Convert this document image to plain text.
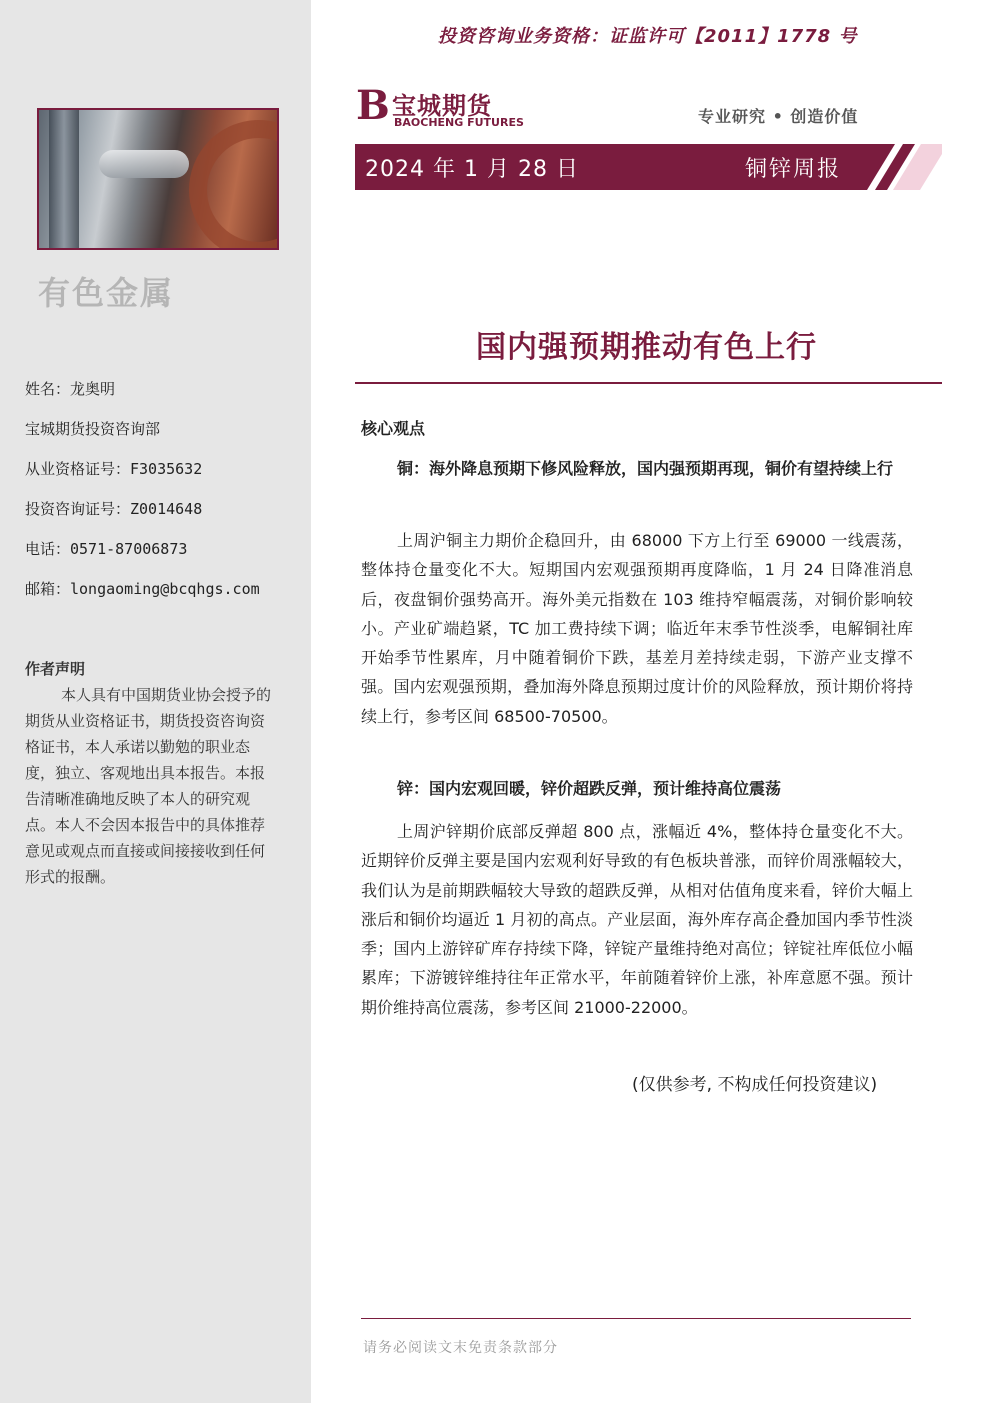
有色金属
姓名：龙奥明
宝城期货投资咨询部
从业资格证号：F3035632
投资咨询证号：Z0014648
电话：0571-87006873
邮箱：longaoming@bcqhgs.com
作者声明
本人具有中国期货业协会授予的期货从业资格证书，期货投资咨询资格证书，本人承诺以勤勉的职业态度，独立、客观地出具本报告。本报告清晰准确地反映了本人的研究观点。本人不会因本报告中的具体推荐意见或观点而直接或间接接收到任何形式的报酬。
投资咨询业务资格：证监许可【2011】1778 号
B 宝城期货
BAOCHENG FUTURES	专业研究 • 创造价值
2024 年 1 月 28 日	铜锌周报
国内强预期推动有色上行
核心观点
铜：海外降息预期下修风险释放，国内强预期再现，铜价有望持续上行
上周沪铜主力期价企稳回升，由 68000 下方上行至 69000 一线震荡，整体持仓量变化不大。短期国内宏观强预期再度降临，1 月 24 日降准消息后，夜盘铜价强势高开。海外美元指数在 103 维持窄幅震荡，对铜价影响较小。产业矿端趋紧，TC 加工费持续下调；临近年末季节性淡季，电解铜社库开始季节性累库，月中随着铜价下跌，基差月差持续走弱，下游产业支撑不强。国内宏观强预期，叠加海外降息预期过度计价的风险释放，预计期价将持续上行，参考区间 68500-70500。
锌：国内宏观回暖，锌价超跌反弹，预计维持高位震荡
上周沪锌期价底部反弹超 800 点，涨幅近 4%，整体持仓量变化不大。近期锌价反弹主要是国内宏观利好导致的有色板块普涨，而锌价周涨幅较大，我们认为是前期跌幅较大导致的超跌反弹，从相对估值角度来看，锌价大幅上涨后和铜价均逼近 1 月初的高点。产业层面，海外库存高企叠加国内季节性淡季；国内上游锌矿库存持续下降，锌锭产量维持绝对高位；锌锭社库低位小幅累库；下游镀锌维持往年正常水平，年前随着锌价上涨，补库意愿不强。预计期价维持高位震荡，参考区间 21000-22000。
(仅供参考, 不构成任何投资建议)
请务必阅读文末免责条款部分
